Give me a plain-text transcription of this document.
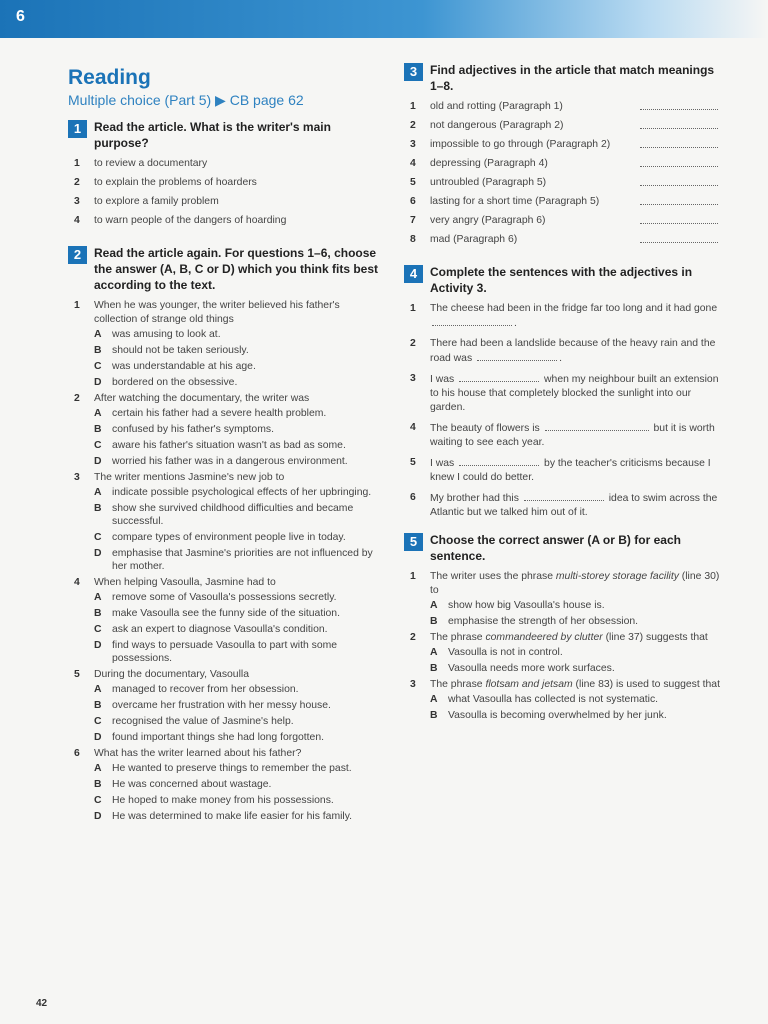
6
Reading
Multiple choice (Part 5) ▶ CB page 62
1	Read the article. What is the writer's main purpose?
1 to review a documentary
2 to explain the problems of hoarders
3 to explore a family problem
4 to warn people of the dangers of hoarding
2	Read the article again. For questions 1–6, choose the answer (A, B, C or D) which you think fits best according to the text.
1 When he was younger, the writer believed his father's collection of strange old things
A was amusing to look at.
B should not be taken seriously.
C was understandable at his age.
D bordered on the obsessive.
2 After watching the documentary, the writer was
A certain his father had a severe health problem.
B confused by his father's symptoms.
C aware his father's situation wasn't as bad as some.
D worried his father was in a dangerous environment.
3 The writer mentions Jasmine's new job to
A indicate possible psychological effects of her upbringing.
B show she survived childhood difficulties and became successful.
C compare types of environment people live in today.
D emphasise that Jasmine's priorities are not influenced by her mother.
4 When helping Vasoulla, Jasmine had to
A remove some of Vasoulla's possessions secretly.
B make Vasoulla see the funny side of the situation.
C ask an expert to diagnose Vasoulla's condition.
D find ways to persuade Vasoulla to part with some possessions.
5 During the documentary, Vasoulla
A managed to recover from her obsession.
B overcame her frustration with her messy house.
C recognised the value of Jasmine's help.
D found important things she had long forgotten.
6 What has the writer learned about his father?
A He wanted to preserve things to remember the past.
B He was concerned about wastage.
C He hoped to make money from his possessions.
D He was determined to make life easier for his family.
3	Find adjectives in the article that match meanings 1–8.
1 old and rotting (Paragraph 1)
2 not dangerous (Paragraph 2)
3 impossible to go through (Paragraph 2)
4 depressing (Paragraph 4)
5 untroubled (Paragraph 5)
6 lasting for a short time (Paragraph 5)
7 very angry (Paragraph 6)
8 mad (Paragraph 6)
4	Complete the sentences with the adjectives in Activity 3.
1 The cheese had been in the fridge far too long and it had gone .
2 There had been a landslide because of the heavy rain and the road was	.
3 I was	when my neighbour built an extension to his house that completely blocked the sunlight into our garden.
4 The beauty of flowers is	but it is worth waiting to see each year.
5 I was	by the teacher's criticisms because I knew I could do better.
6 My brother had this	idea to swim across the Atlantic but we talked him out of it.
5	Choose the correct answer (A or B) for each sentence.
1 The writer uses the phrase multi-storey storage facility (line 30) to
A show how big Vasoulla's house is.
B emphasise the strength of her obsession.
2 The phrase commandeered by clutter (line 37) suggests that
A Vasoulla is not in control.
B Vasoulla needs more work surfaces.
3 The phrase flotsam and jetsam (line 83) is used to suggest that
A what Vasoulla has collected is not systematic.
B Vasoulla is becoming overwhelmed by her junk.
42
